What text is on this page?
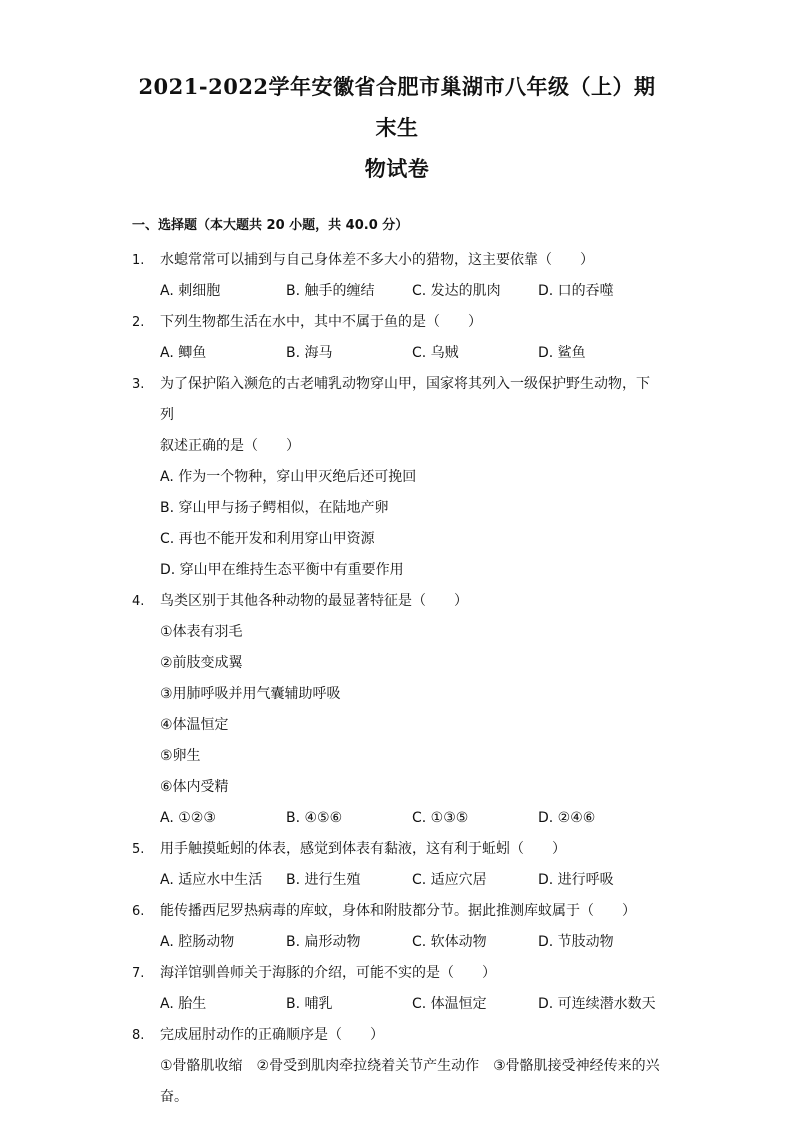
2021-2022学年安徽省合肥市巢湖市八年级（上）期末生
物试卷
一、选择题（本大题共 20 小题，共 40.0 分）
1.	水螅常常可以捕到与自己身体差不多大小的猎物，这主要依靠（　　）
A. 刺细胞	B. 触手的缠结	C. 发达的肌肉	D. 口的吞噬
2.	下列生物都生活在水中，其中不属于鱼的是（　　）
A. 鲫鱼	B. 海马	C. 乌贼	D. 鲨鱼
3.	为了保护陷入濒危的古老哺乳动物穿山甲，国家将其列入一级保护野生动物，下列
叙述正确的是（　　）
A. 作为一个物种，穿山甲灭绝后还可挽回
B. 穿山甲与扬子鳄相似，在陆地产卵
C. 再也不能开发和利用穿山甲资源
D. 穿山甲在维持生态平衡中有重要作用
4.	鸟类区别于其他各种动物的最显著特征是（　　）
①体表有羽毛
②前肢变成翼
③用肺呼吸并用气囊辅助呼吸
④体温恒定
⑤卵生
⑥体内受精
A. ①②③	B. ④⑤⑥	C. ①③⑤	D. ②④⑥
5.	用手触摸蚯蚓的体表，感觉到体表有黏液，这有利于蚯蚓（　　）
A. 适应水中生活	B. 进行生殖	C. 适应穴居	D. 进行呼吸
6.	能传播西尼罗热病毒的库蚊，身体和附肢都分节。据此推测库蚊属于（　　）
A. 腔肠动物	B. 扁形动物	C. 软体动物	D. 节肢动物
7.	海洋馆驯兽师关于海豚的介绍，可能不实的是（　　）
A. 胎生	B. 哺乳	C. 体温恒定	D. 可连续潜水数天
8.	完成屈肘动作的正确顺序是（　　）
①骨骼肌收缩　②骨受到肌肉牵拉绕着关节产生动作　③骨骼肌接受神经传来的兴
奋。
